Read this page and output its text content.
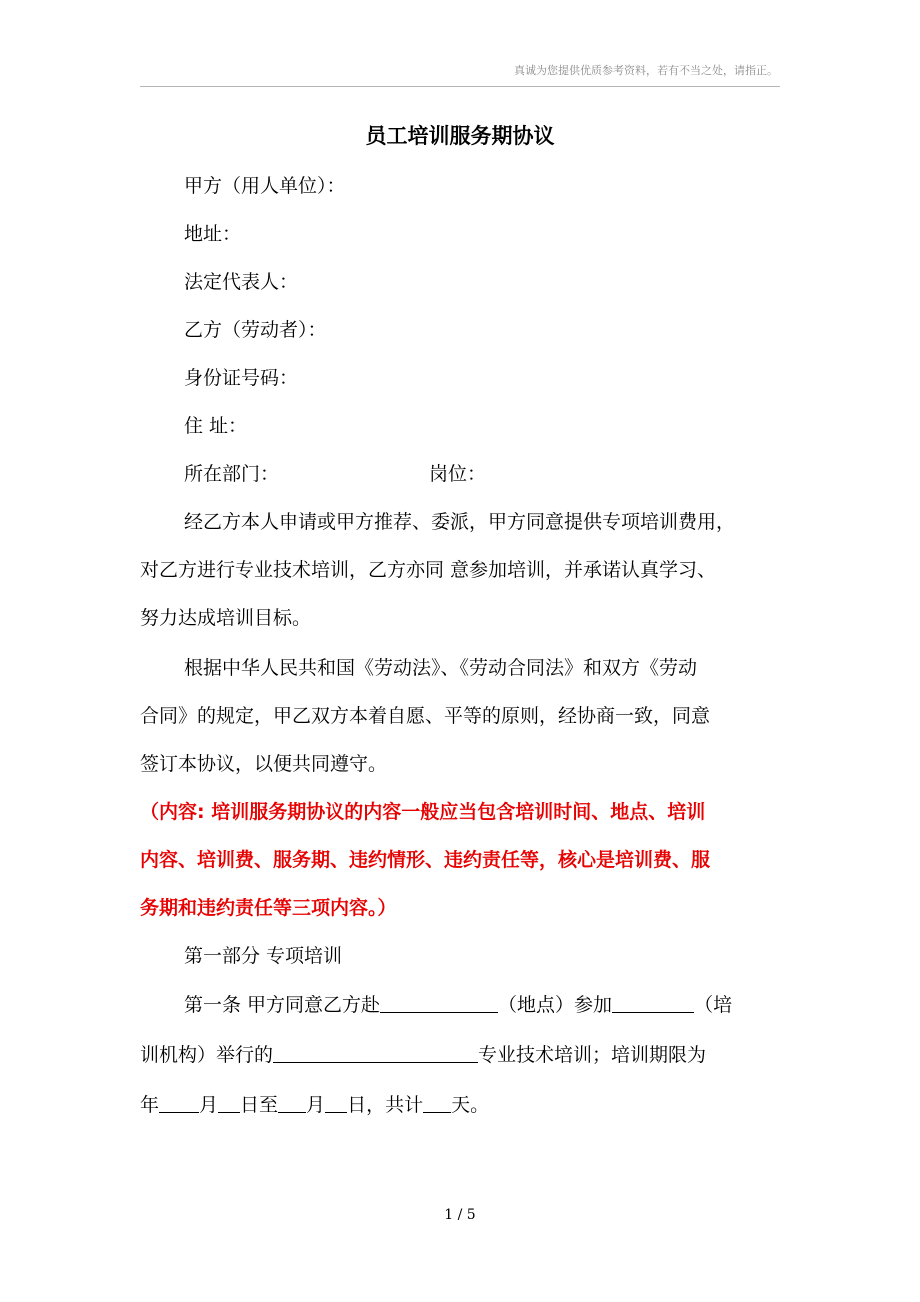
真诚为您提供优质参考资料，若有不当之处，请指正。
员工培训服务期协议
甲方（用人单位）：
地址：
法定代表人：
乙方（劳动者）：
身份证号码：
住 址：
所在部门：	岗位：
经乙方本人申请或甲方推荐、委派，甲方同意提供专项培训费用，
对乙方进行专业技术培训，乙方亦同 意参加培训，并承诺认真学习、
努力达成培训目标。
根据中华人民共和国《劳动法》、《劳动合同法》和双方《劳动
合同》的规定，甲乙双方本着自愿、平等的原则，经协商一致，同意
签订本协议，以便共同遵守。
（内容: 培训服务期协议的内容一般应当包含培训时间、地点、培训
内容、培训费、服务期、违约情形、违约责任等，核心是培训费、服
务期和违约责任等三项内容。）
第一部分 专项培训
第一条 甲方同意乙方赴	（地点）参加	（培
训机构）举行的	专业技术培训；培训期限为
年 月 日至 月 日，共计 天。
1 / 5
